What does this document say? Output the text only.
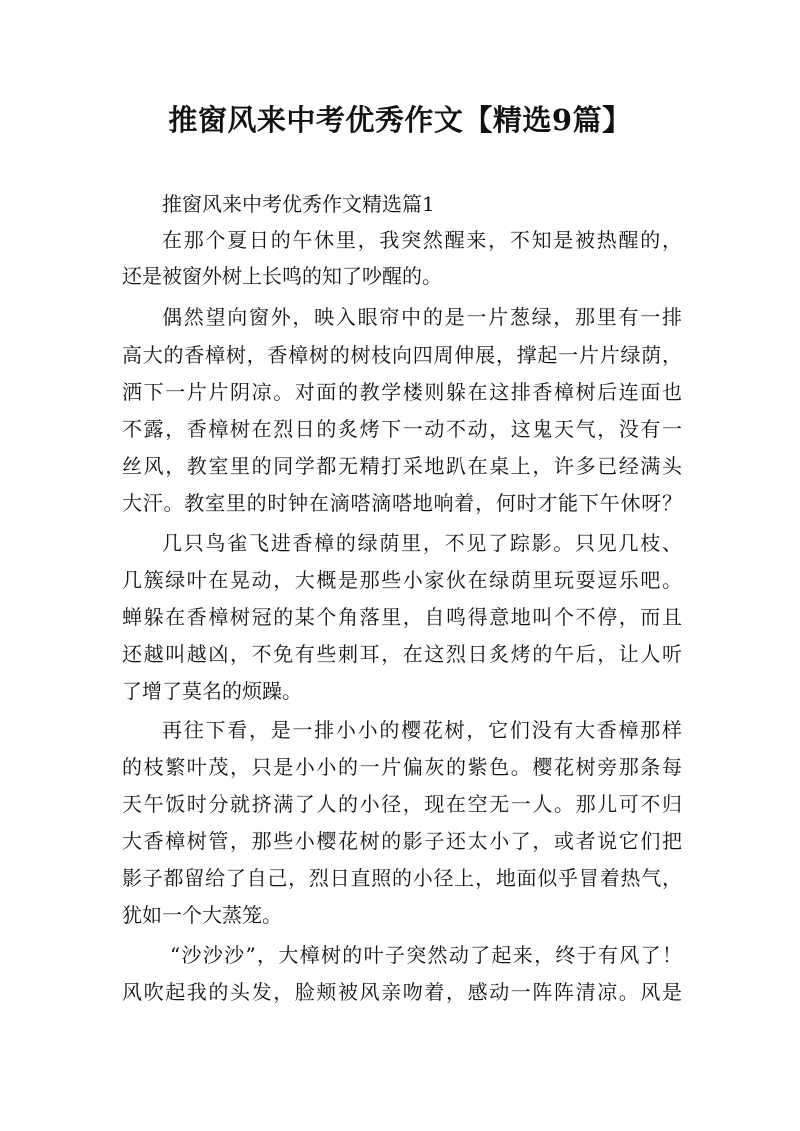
推窗风来中考优秀作文【精选9篇】
推窗风来中考优秀作文精选篇1
在那个夏日的午休里，我突然醒来，不知是被热醒的，
还是被窗外树上长鸣的知了吵醒的。
偶然望向窗外，映入眼帘中的是一片葱绿，那里有一排
高大的香樟树，香樟树的树枝向四周伸展，撑起一片片绿荫，
洒下一片片阴凉。对面的教学楼则躲在这排香樟树后连面也
不露，香樟树在烈日的炙烤下一动不动，这鬼天气，没有一
丝风，教室里的同学都无精打采地趴在桌上，许多已经满头
大汗。教室里的时钟在滴嗒滴嗒地响着，何时才能下午休呀？
几只鸟雀飞进香樟的绿荫里，不见了踪影。只见几枝、
几簇绿叶在晃动，大概是那些小家伙在绿荫里玩耍逗乐吧。
蝉躲在香樟树冠的某个角落里，自鸣得意地叫个不停，而且
还越叫越凶，不免有些刺耳，在这烈日炙烤的午后，让人听
了增了莫名的烦躁。
再往下看，是一排小小的樱花树，它们没有大香樟那样
的枝繁叶茂，只是小小的一片偏灰的紫色。樱花树旁那条每
天午饭时分就挤满了人的小径，现在空无一人。那儿可不归
大香樟树管，那些小樱花树的影子还太小了，或者说它们把
影子都留给了自己，烈日直照的小径上，地面似乎冒着热气，
犹如一个大蒸笼。
“沙沙沙”，大樟树的叶子突然动了起来，终于有风了！
风吹起我的头发，脸颊被风亲吻着，感动一阵阵清凉。风是
